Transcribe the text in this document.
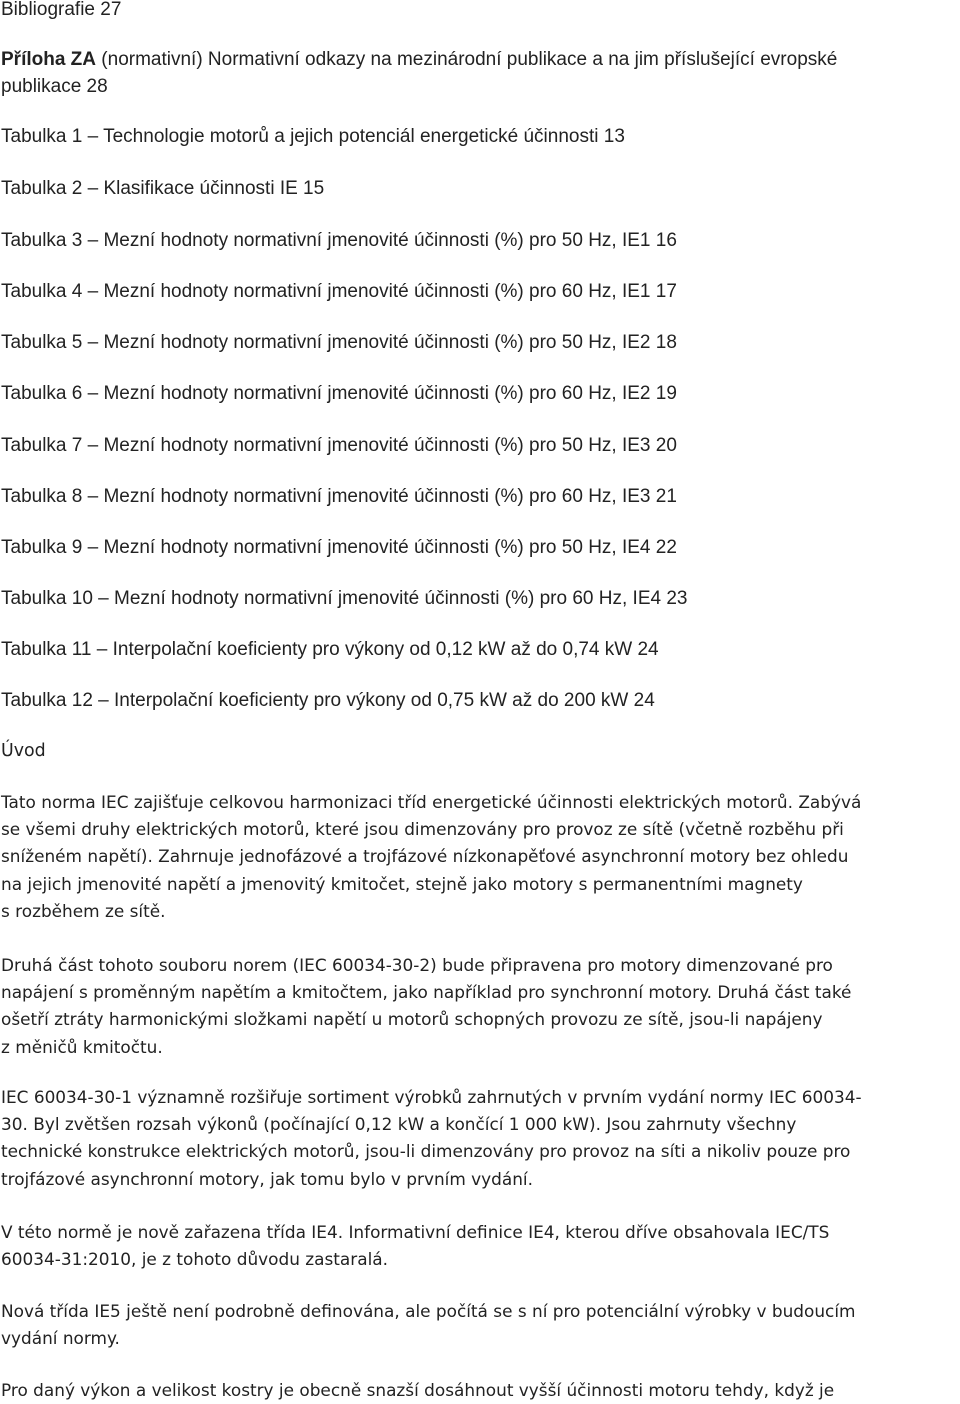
Bibliografie 27
Příloha ZA (normativní) Normativní odkazy na mezinárodní publikace a na jim příslušející evropské
publikace 28
Tabulka 1 – Technologie motorů a jejich potenciál energetické účinnosti 13
Tabulka 2 – Klasifikace účinnosti IE 15
Tabulka 3 – Mezní hodnoty normativní jmenovité účinnosti (%) pro 50 Hz, IE1 16
Tabulka 4 – Mezní hodnoty normativní jmenovité účinnosti (%) pro 60 Hz, IE1 17
Tabulka 5 – Mezní hodnoty normativní jmenovité účinnosti (%) pro 50 Hz, IE2 18
Tabulka 6 – Mezní hodnoty normativní jmenovité účinnosti (%) pro 60 Hz, IE2 19
Tabulka 7 – Mezní hodnoty normativní jmenovité účinnosti (%) pro 50 Hz, IE3 20
Tabulka 8 – Mezní hodnoty normativní jmenovité účinnosti (%) pro 60 Hz, IE3 21
Tabulka 9 – Mezní hodnoty normativní jmenovité účinnosti (%) pro 50 Hz, IE4 22
Tabulka 10 – Mezní hodnoty normativní jmenovité účinnosti (%) pro 60 Hz, IE4 23
Tabulka 11 – Interpolační koeficienty pro výkony od 0,12 kW až do 0,74 kW 24
Tabulka 12 – Interpolační koeficienty pro výkony od 0,75 kW až do 200 kW 24
Úvod
Tato norma IEC zajišťuje celkovou harmonizaci tříd energetické účinnosti elektrických motorů. Zabývá
se všemi druhy elektrických motorů, které jsou dimenzovány pro provoz ze sítě (včetně rozběhu při
sníženém napětí). Zahrnuje jednofázové a trojfázové nízkonapěťové asynchronní motory bez ohledu
na jejich jmenovité napětí a jmenovitý kmitočet, stejně jako motory s permanentními magnety
s rozběhem ze sítě.
Druhá část tohoto souboru norem (IEC 60034-30-2) bude připravena pro motory dimenzované pro
napájení s proměnným napětím a kmitočtem, jako například pro synchronní motory. Druhá část také
ošetří ztráty harmonickými složkami napětí u motorů schopných provozu ze sítě, jsou-li napájeny
z měničů kmitočtu.
IEC 60034-30-1 významně rozšiřuje sortiment výrobků zahrnutých v prvním vydání normy IEC 60034-
30. Byl zvětšen rozsah výkonů (počínající 0,12 kW a končící 1 000 kW). Jsou zahrnuty všechny
technické konstrukce elektrických motorů, jsou-li dimenzovány pro provoz na síti a nikoliv pouze pro
trojfázové asynchronní motory, jak tomu bylo v prvním vydání.
V této normě je nově zařazena třída IE4. Informativní definice IE4, kterou dříve obsahovala IEC/TS
60034-31:2010, je z tohoto důvodu zastaralá.
Nová třída IE5 ještě není podrobně definována, ale počítá se s ní pro potenciální výrobky v budoucím
vydání normy.
Pro daný výkon a velikost kostry je obecně snazší dosáhnout vyšší účinnosti motoru tehdy, když je
